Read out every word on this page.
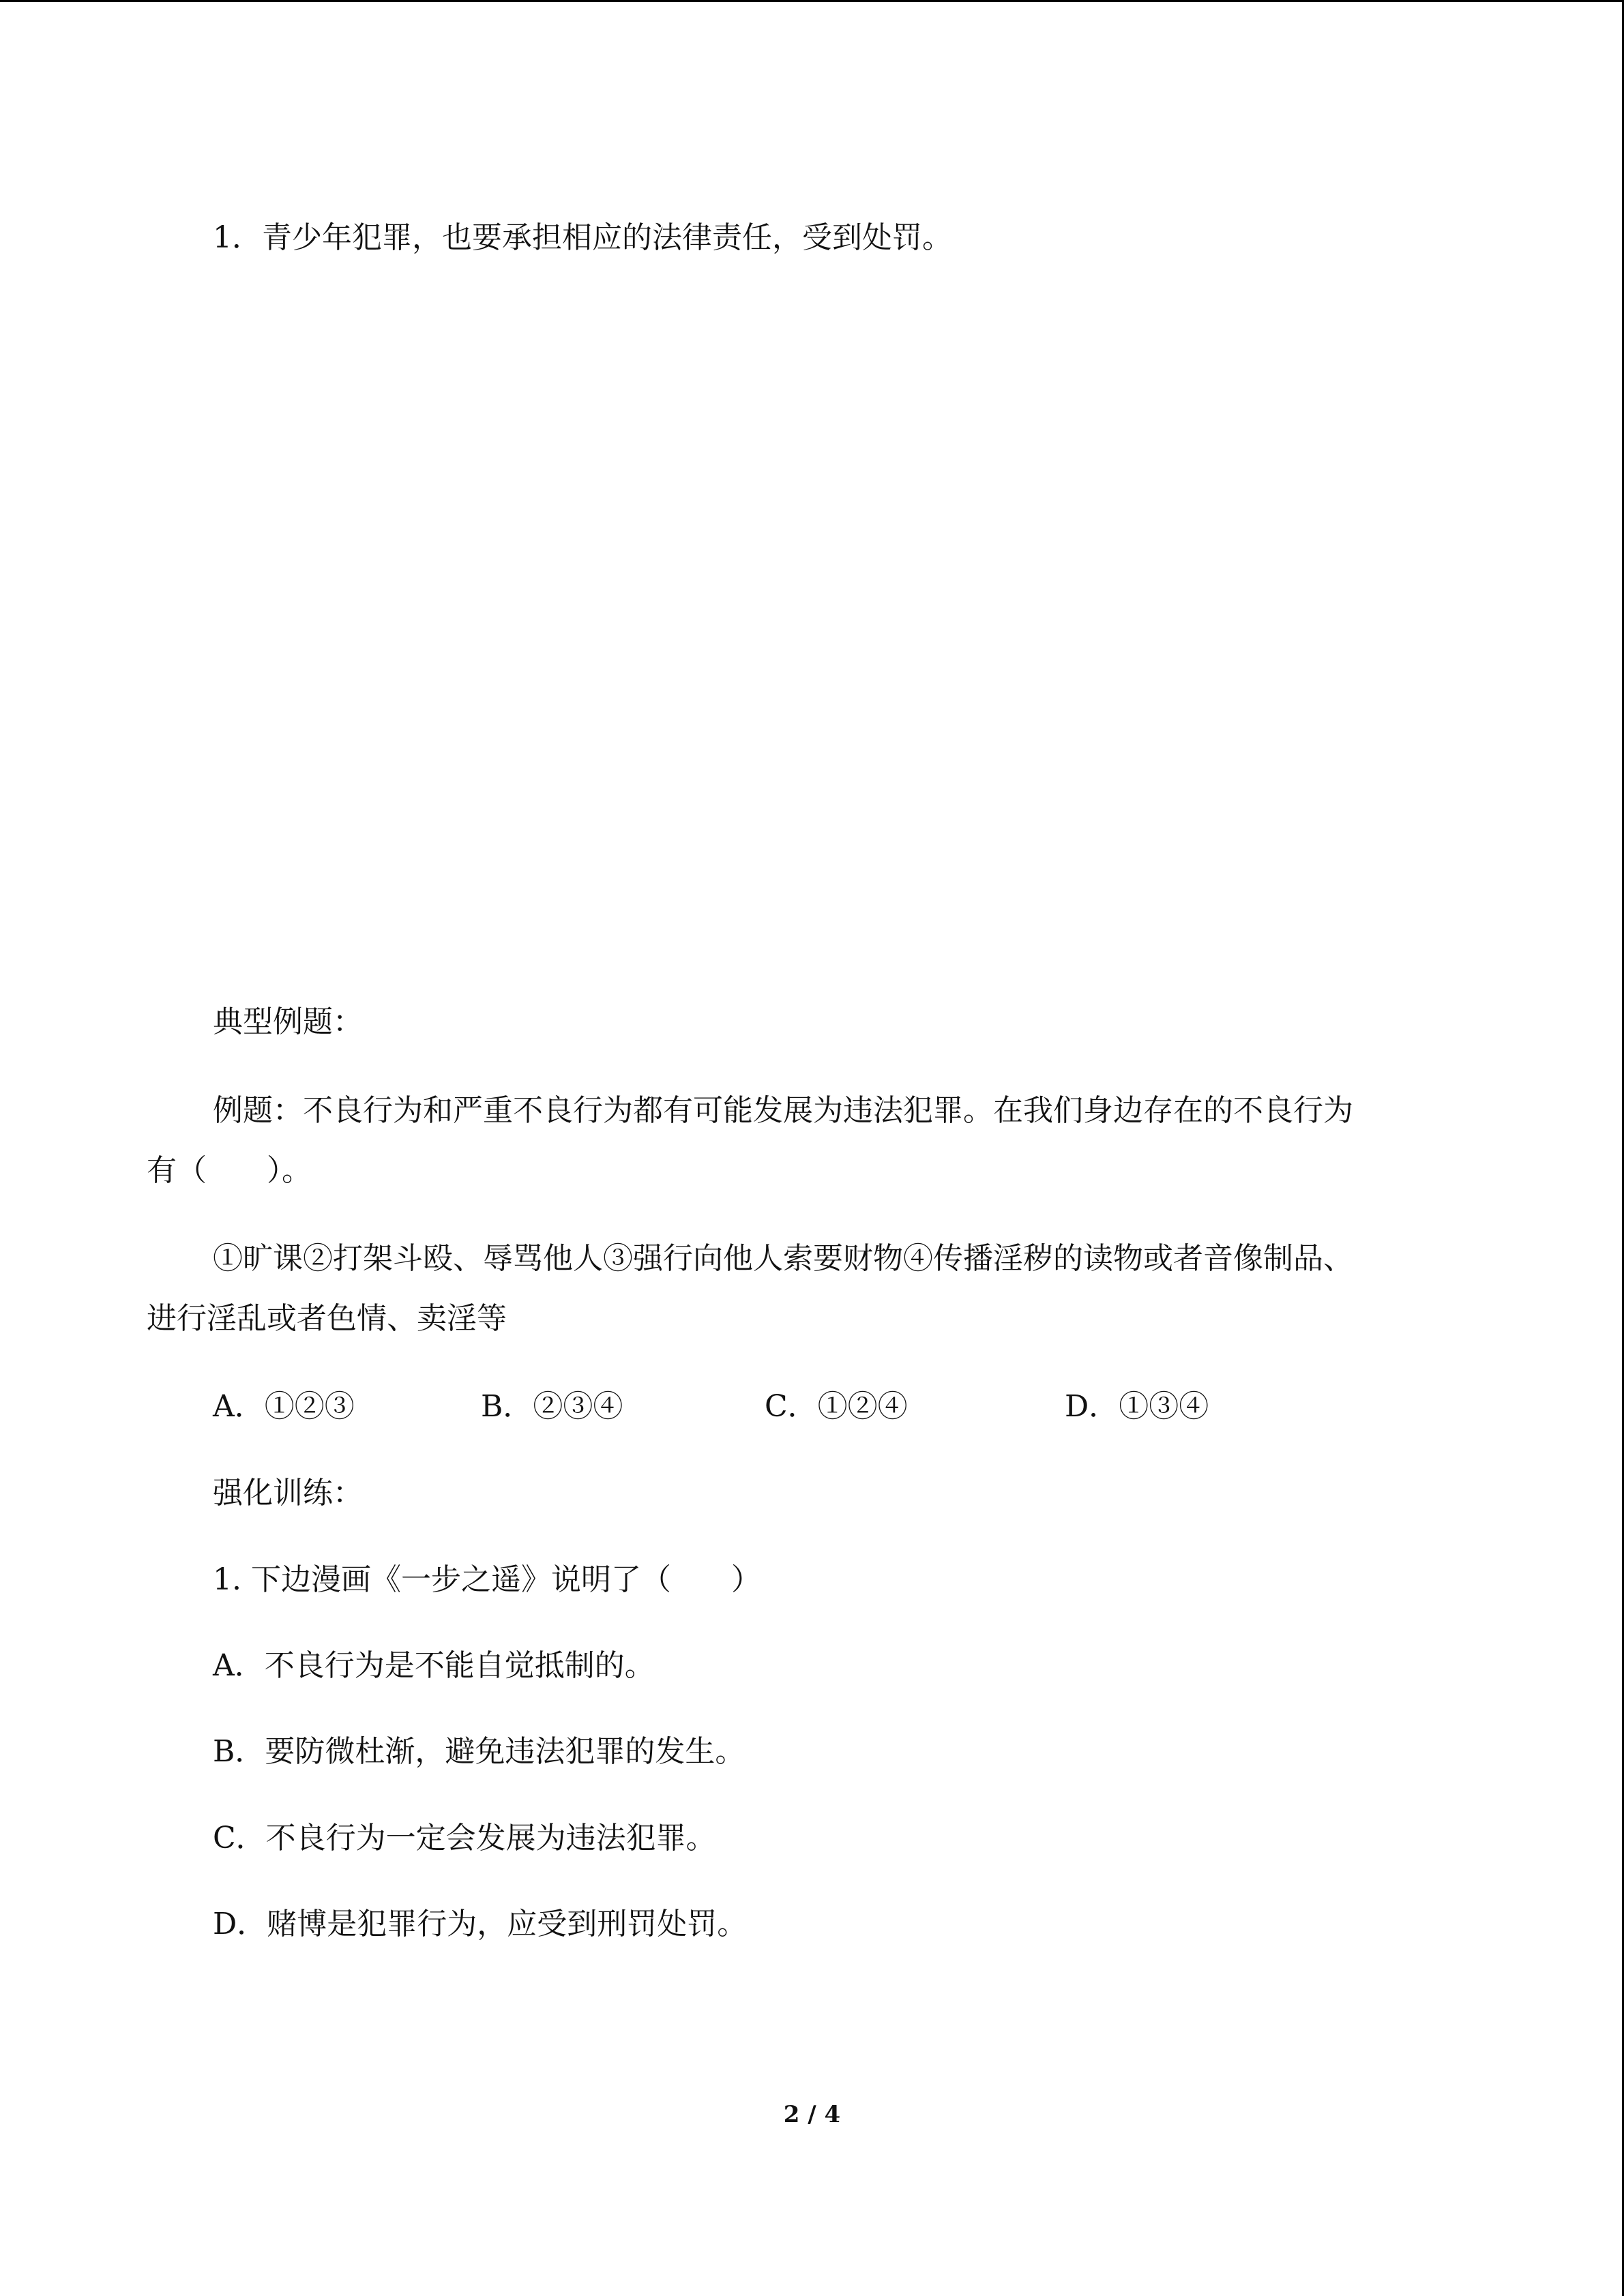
1．青少年犯罪，也要承担相应的法律责任，受到处罚。
典型例题：
例题：不良行为和严重不良行为都有可能发展为违法犯罪。在我们身边存在的不良行为
有（　　）。
①旷课②打架斗殴、辱骂他人③强行向他人索要财物④传播淫秽的读物或者音像制品、
进行淫乱或者色情、卖淫等
A．①②③	B．②③④	C．①②④	D．①③④
强化训练：
1. 下边漫画《一步之遥》说明了（　　）
A．不良行为是不能自觉抵制的。
B．要防微杜渐，避免违法犯罪的发生。
C．不良行为一定会发展为违法犯罪。
D．赌博是犯罪行为，应受到刑罚处罚。
2 / 4
